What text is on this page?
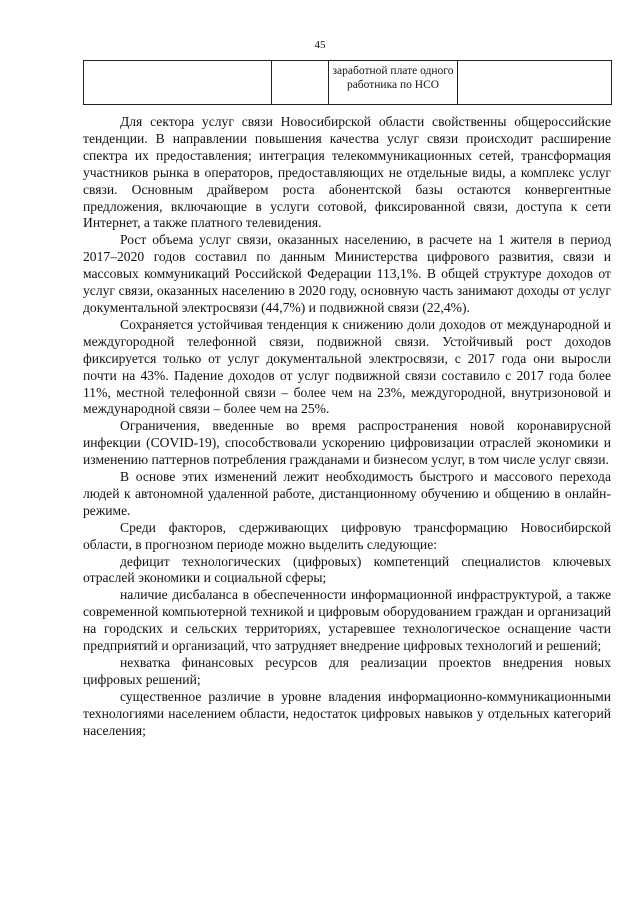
45
		заработной плате одного работника по НСО	

Для сектора услуг связи Новосибирской области свойственны общероссийские тенденции. В направлении повышения качества услуг связи происходит расширение спектра их предоставления; интеграция телекоммуникационных сетей, трансформация участников рынка в операторов, предоставляющих не отдельные виды, а комплекс услуг связи. Основным драйвером роста абонентской базы остаются конвергентные предложения, включающие в услуги сотовой, фиксированной связи, доступа к сети Интернет, а также платного телевидения.

Рост объема услуг связи, оказанных населению, в расчете на 1 жителя в период 2017–2020 годов составил по данным Министерства цифрового развития, связи и массовых коммуникаций Российской Федерации 113,1%. В общей структуре доходов от услуг связи, оказанных населению в 2020 году, основную часть занимают доходы от услуг документальной электросвязи (44,7%) и подвижной связи (22,4%).

Сохраняется устойчивая тенденция к снижению доли доходов от международной и междугородной телефонной связи, подвижной связи. Устойчивый рост доходов фиксируется только от услуг документальной электросвязи, с 2017 года они выросли почти на 43%. Падение доходов от услуг подвижной связи составило с 2017 года более 11%, местной телефонной связи – более чем на 23%, междугородной, внутризоновой и международной связи – более чем на 25%.

Ограничения, введенные во время распространения новой коронавирусной инфекции (COVID-19), способствовали ускорению цифровизации отраслей экономики и изменению паттернов потребления гражданами и бизнесом услуг, в том числе услуг связи.

В основе этих изменений лежит необходимость быстрого и массового перехода людей к автономной удаленной работе, дистанционному обучению и общению в онлайн-режиме.

Среди факторов, сдерживающих цифровую трансформацию Новосибирской области, в прогнозном периоде можно выделить следующие:

дефицит технологических (цифровых) компетенций специалистов ключевых отраслей экономики и социальной сферы;

наличие дисбаланса в обеспеченности информационной инфраструктурой, а также современной компьютерной техникой и цифровым оборудованием граждан и организаций на городских и сельских территориях, устаревшее технологическое оснащение части предприятий и организаций, что затрудняет внедрение цифровых технологий и решений;

нехватка финансовых ресурсов для реализации проектов внедрения новых цифровых решений;

существенное различие в уровне владения информационно-коммуникационными технологиями населением области, недостаток цифровых навыков у отдельных категорий населения;
